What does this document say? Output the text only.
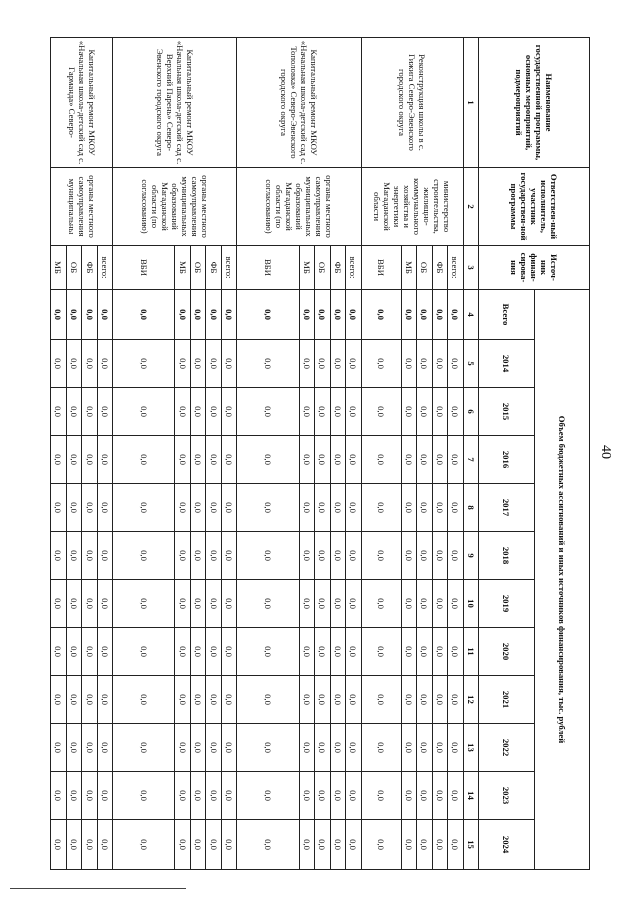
40
Наименование государственной программы, основных мероприятий, подмероприятий	Ответствен-ный исполнитель, участник государствен-ной программы	Источ-ник финан-сирова-ния	Объем бюджетных ассигнований и иных источников финансирования, тыс. рублей											
			Всего	2014	2015	2016	2017	2018	2019	2020	2021	2022	2023	2024
1	2	3	4	5	6	7	8	9	10	11	12	13	14	15
Реконструкция школы в с. Гижига Северо-Эвенского городского округа	министерство строительства, жилищно-коммунального хозяйства и энергетики Магаданской области	всего:	0,0	0,0	0,0	0,0	0,0	0,0	0,0	0,0	0,0	0,0	0,0	0,0
		ФБ	0,0	0,0	0,0	0,0	0,0	0,0	0,0	0,0	0,0	0,0	0,0	0,0
		ОБ	0,0	0,0	0,0	0,0	0,0	0,0	0,0	0,0	0,0	0,0	0,0	0,0
		МБ	0,0	0,0	0,0	0,0	0,0	0,0	0,0	0,0	0,0	0,0	0,0	0,0
		ВБИ	0,0	0,0	0,0	0,0	0,0	0,0	0,0	0,0	0,0	0,0	0,0	0,0
Капитальный ремонт МКОУ «Начальная школа-детский сад с. Тополовка» Северо-Эвенского городского округа	органы местного самоуправления муниципальных образований Магаданской области (по согласованию)	всего:	0,0	0,0	0,0	0,0	0,0	0,0	0,0	0,0	0,0	0,0	0,0	0,0
		ФБ	0,0	0,0	0,0	0,0	0,0	0,0	0,0	0,0	0,0	0,0	0,0	0,0
		ОБ	0,0	0,0	0,0	0,0	0,0	0,0	0,0	0,0	0,0	0,0	0,0	0,0
		МБ	0,0	0,0	0,0	0,0	0,0	0,0	0,0	0,0	0,0	0,0	0,0	0,0
		ВБИ	0,0	0,0	0,0	0,0	0,0	0,0	0,0	0,0	0,0	0,0	0,0	0,0
Капитальный ремонт МКОУ «Начальная школа-детский сад с. Верхний Парень» Северо-Эвенского городского округа	органы местного самоуправления муниципальных образований Магаданской области (по согласованию)	всего:	0,0	0,0	0,0	0,0	0,0	0,0	0,0	0,0	0,0	0,0	0,0	0,0
		ФБ	0,0	0,0	0,0	0,0	0,0	0,0	0,0	0,0	0,0	0,0	0,0	0,0
		ОБ	0,0	0,0	0,0	0,0	0,0	0,0	0,0	0,0	0,0	0,0	0,0	0,0
		МБ	0,0	0,0	0,0	0,0	0,0	0,0	0,0	0,0	0,0	0,0	0,0	0,0
		ВБИ	0,0	0,0	0,0	0,0	0,0	0,0	0,0	0,0	0,0	0,0	0,0	0,0
Капитальный ремонт МКОУ «Начальная школа-детский сад с. Гарманда» Северо-	органы местного самоуправления муниципальны	всего:	0,0	0,0	0,0	0,0	0,0	0,0	0,0	0,0	0,0	0,0	0,0	0,0
		ФБ	0,0	0,0	0,0	0,0	0,0	0,0	0,0	0,0	0,0	0,0	0,0	0,0
		ОБ	0,0	0,0	0,0	0,0	0,0	0,0	0,0	0,0	0,0	0,0	0,0	0,0
		МБ	0,0	0,0	0,0	0,0	0,0	0,0	0,0	0,0	0,0	0,0	0,0	0,0
